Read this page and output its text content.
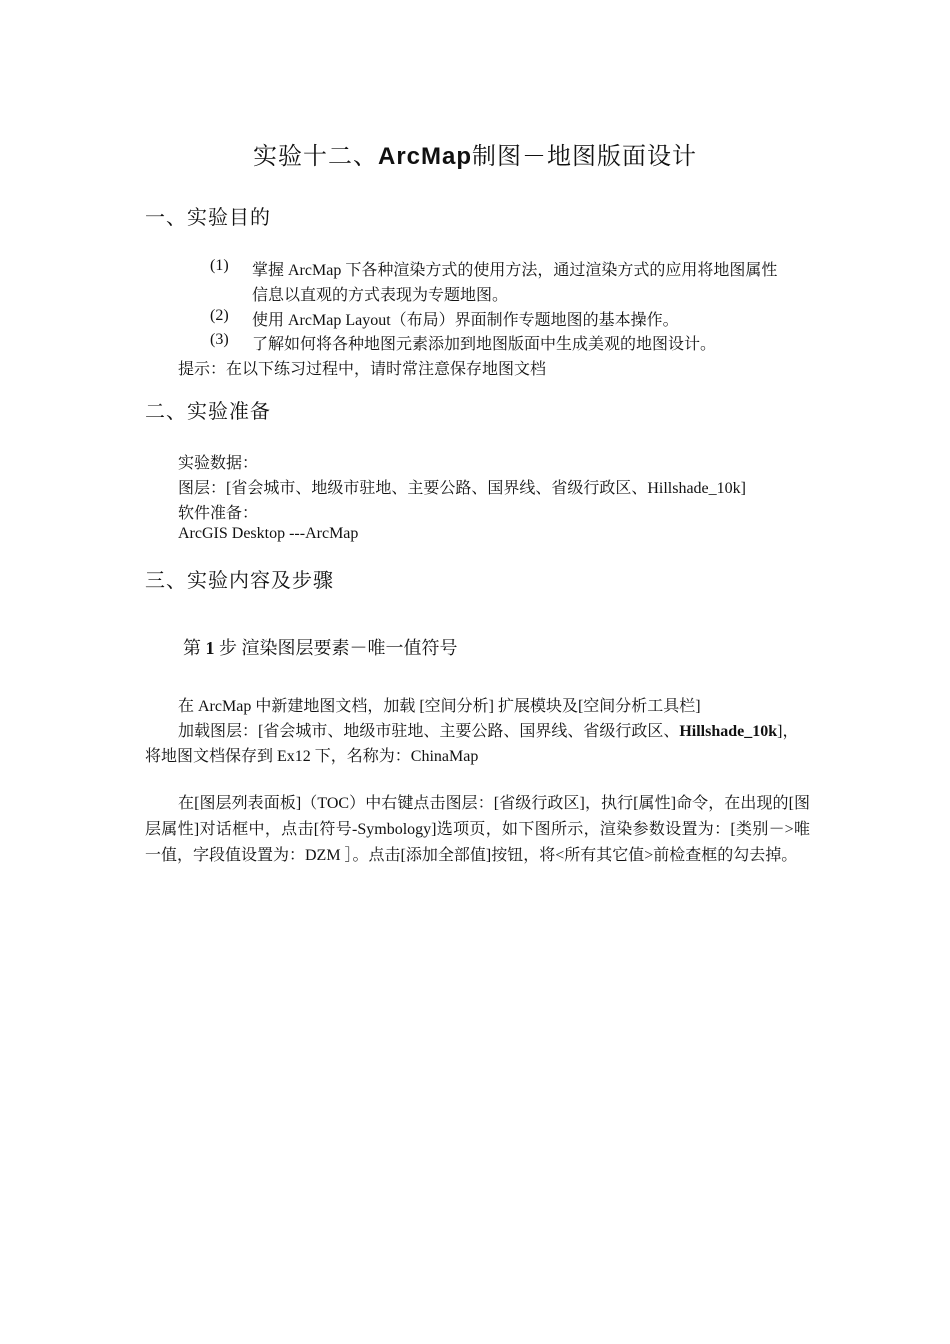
实验十二、ArcMap制图－地图版面设计
一、实验目的
(1) 掌握 ArcMap 下各种渲染方式的使用方法，通过渲染方式的应用将地图属性
信息以直观的方式表现为专题地图。
(2) 使用 ArcMap Layout（布局）界面制作专题地图的基本操作。
(3) 了解如何将各种地图元素添加到地图版面中生成美观的地图设计。
提示：在以下练习过程中，请时常注意保存地图文档
二、实验准备
实验数据：
图层：[省会城市、地级市驻地、主要公路、国界线、省级行政区、Hillshade_10k]
软件准备：
ArcGIS Desktop ---ArcMap
三、实验内容及步骤
第 1 步 渲染图层要素－唯一值符号
在 ArcMap 中新建地图文档，加载 [空间分析] 扩展模块及[空间分析工具栏]
加载图层：[省会城市、地级市驻地、主要公路、国界线、省级行政区、Hillshade_10k]，
将地图文档保存到 Ex12 下，名称为：ChinaMap
在[图层列表面板]（TOC）中右键点击图层：[省级行政区]，执行[属性]命令，在出现的[图层属性]对话框中，点击[符号-Symbology]选项页，如下图所示，渲染参数设置为：[类别－>唯一值，字段值设置为：DZM ］。点击[添加全部值]按钮，将<所有其它值>前检查框的勾去掉。
